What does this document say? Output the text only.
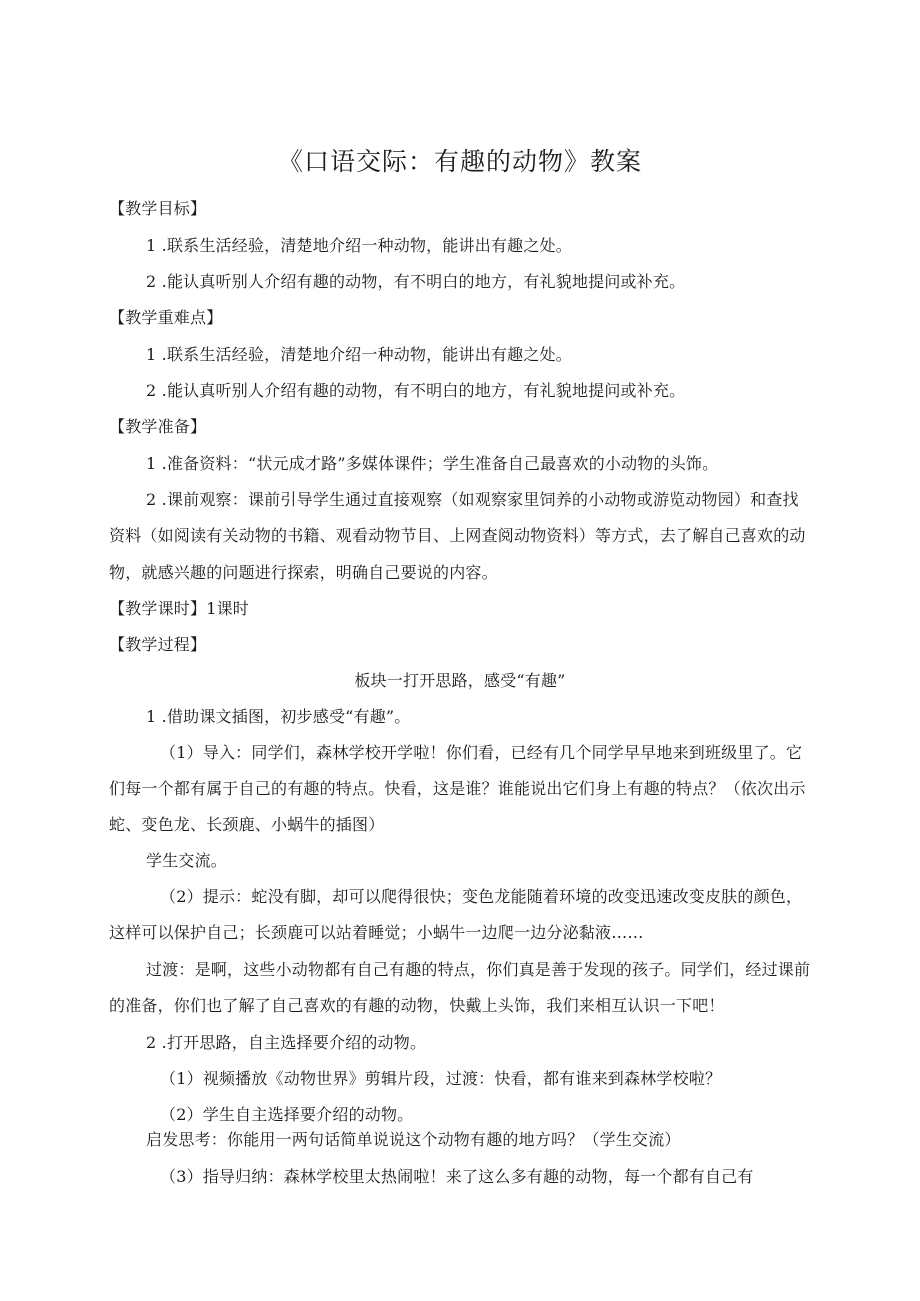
《口语交际：有趣的动物》教案
【教学目标】
1 .联系生活经验，清楚地介绍一种动物，能讲出有趣之处。
2 .能认真听别人介绍有趣的动物，有不明白的地方，有礼貌地提问或补充。
【教学重难点】
1 .联系生活经验，清楚地介绍一种动物，能讲出有趣之处。
2 .能认真听别人介绍有趣的动物，有不明白的地方，有礼貌地提问或补充。
【教学准备】
1 .准备资料：“状元成才路”多媒体课件；学生准备自己最喜欢的小动物的头饰。
2 .课前观察：课前引导学生通过直接观察（如观察家里饲养的小动物或游览动物园）和查找
资料（如阅读有关动物的书籍、观看动物节目、上网查阅动物资料）等方式，去了解自己喜欢的动
物，就感兴趣的问题进行探索，明确自己要说的内容。
【教学课时】1课时
【教学过程】
板块一打开思路，感受“有趣”
1 .借助课文插图，初步感受“有趣”。
（1）导入：同学们，森林学校开学啦！你们看，已经有几个同学早早地来到班级里了。它
们每一个都有属于自己的有趣的特点。快看，这是谁？谁能说出它们身上有趣的特点？（依次出示
蛇、变色龙、长颈鹿、小蜗牛的插图）
学生交流。
（2）提示：蛇没有脚，却可以爬得很快；变色龙能随着环境的改变迅速改变皮肤的颜色，
这样可以保护自己；长颈鹿可以站着睡觉；小蜗牛一边爬一边分泌黏液……
过渡：是啊，这些小动物都有自己有趣的特点，你们真是善于发现的孩子。同学们，经过课前
的准备，你们也了解了自己喜欢的有趣的动物，快戴上头饰，我们来相互认识一下吧！
2 .打开思路，自主选择要介绍的动物。
（1）视频播放《动物世界》剪辑片段，过渡：快看，都有谁来到森林学校啦？
（2）学生自主选择要介绍的动物。
启发思考：你能用一两句话简单说说这个动物有趣的地方吗？（学生交流）
（3）指导归纳：森林学校里太热闹啦！来了这么多有趣的动物，每一个都有自己有
